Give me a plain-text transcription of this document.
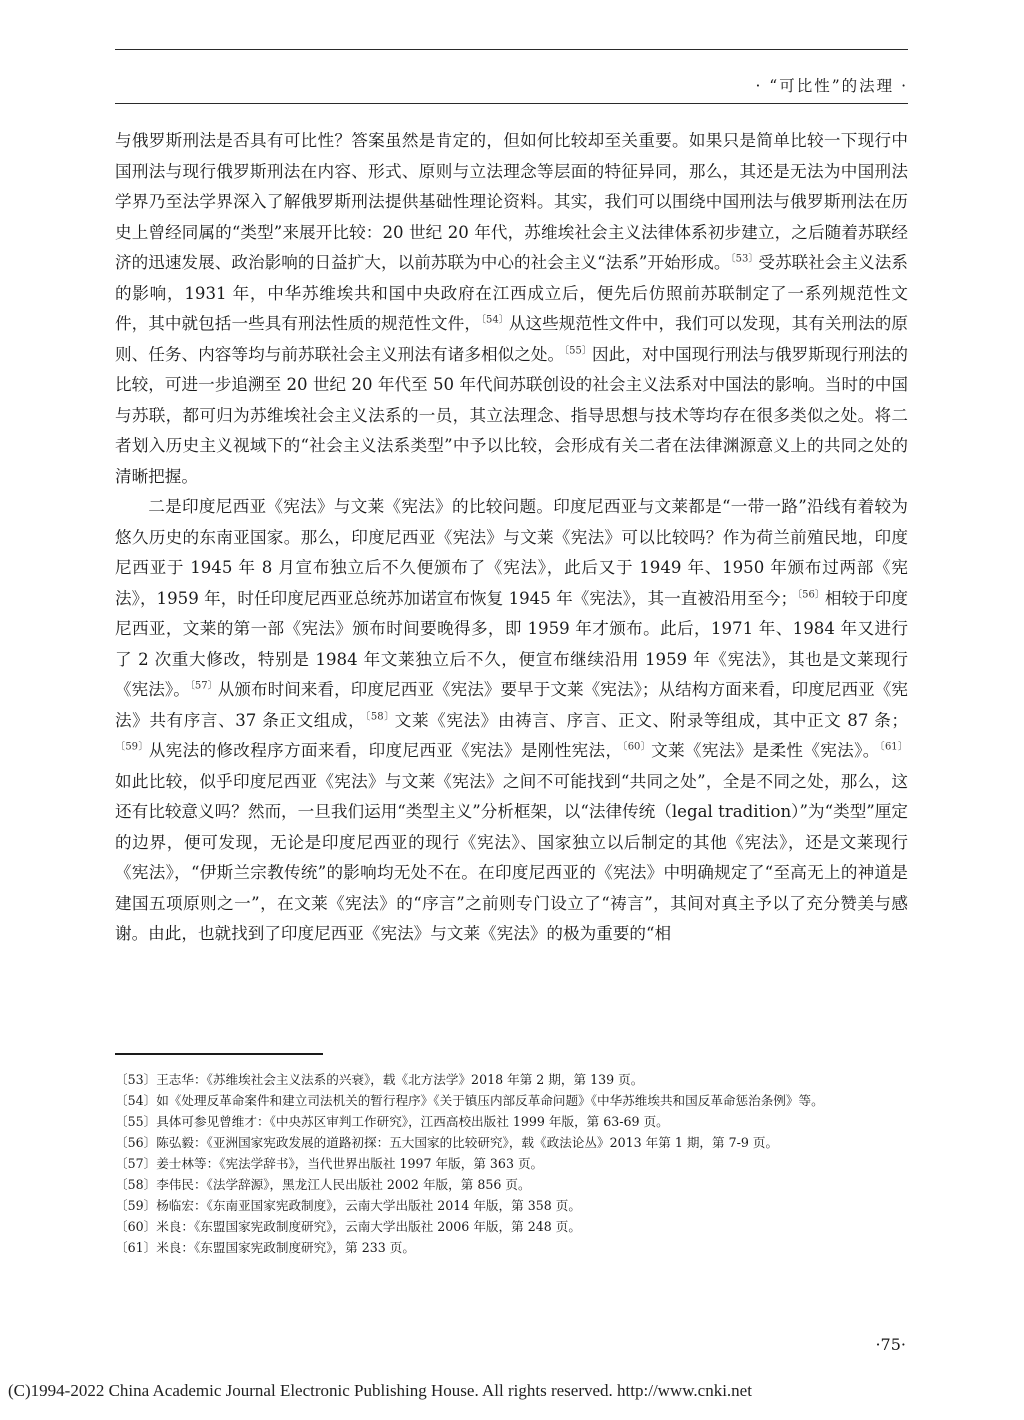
· “可比性”的法理 ·

与俄罗斯刑法是否具有可比性？答案虽然是肯定的，但如何比较却至关重要。如果只是简单比较一下现行中国刑法与现行俄罗斯刑法在内容、形式、原则与立法理念等层面的特征异同，那么，其还是无法为中国刑法学界乃至法学界深入了解俄罗斯刑法提供基础性理论资料。其实，我们可以围绕中国刑法与俄罗斯刑法在历史上曾经同属的“类型”来展开比较：20 世纪 20 年代，苏维埃社会主义法律体系初步建立，之后随着苏联经济的迅速发展、政治影响的日益扩大，以前苏联为中心的社会主义“法系”开始形成。$^{〔53〕}$受苏联社会主义法系的影响，1931 年，中华苏维埃共和国中央政府在江西成立后，便先后仿照前苏联制定了一系列规范性文件，其中就包括一些具有刑法性质的规范性文件，$^{〔54〕}$从这些规范性文件中，我们可以发现，其有关刑法的原则、任务、内容等均与前苏联社会主义刑法有诸多相似之处。$^{〔55〕}$因此，对中国现行刑法与俄罗斯现行刑法的比较，可进一步追溯至 20 世纪 20 年代至 50 年代间苏联创设的社会主义法系对中国法的影响。当时的中国与苏联，都可归为苏维埃社会主义法系的一员，其立法理念、指导思想与技术等均存在很多类似之处。将二者划入历史主义视域下的“社会主义法系类型”中予以比较，会形成有关二者在法律渊源意义上的共同之处的清晰把握。

二是印度尼西亚《宪法》与文莱《宪法》的比较问题。印度尼西亚与文莱都是“一带一路”沿线有着较为悠久历史的东南亚国家。那么，印度尼西亚《宪法》与文莱《宪法》可以比较吗？作为荷兰前殖民地，印度尼西亚于 1945 年 8 月宣布独立后不久便颁布了《宪法》，此后又于 1949 年、1950 年颁布过两部《宪法》，1959 年，时任印度尼西亚总统苏加诺宣布恢复 1945 年《宪法》，其一直被沿用至今；$^{〔56〕}$相较于印度尼西亚，文莱的第一部《宪法》颁布时间要晚得多，即 1959 年才颁布。此后，1971 年、1984 年又进行了 2 次重大修改，特别是 1984 年文莱独立后不久，便宣布继续沿用 1959 年《宪法》，其也是文莱现行《宪法》。$^{〔57〕}$从颁布时间来看，印度尼西亚《宪法》要早于文莱《宪法》；从结构方面来看，印度尼西亚《宪法》共有序言、37 条正文组成，$^{〔58〕}$文莱《宪法》由祷言、序言、正文、附录等组成，其中正文 87 条；$^{〔59〕}$从宪法的修改程序方面来看，印度尼西亚《宪法》是刚性宪法，$^{〔60〕}$文莱《宪法》是柔性《宪法》。$^{〔61〕}$如此比较，似乎印度尼西亚《宪法》与文莱《宪法》之间不可能找到“共同之处”，全是不同之处，那么，这还有比较意义吗？然而，一旦我们运用“类型主义”分析框架，以“法律传统（legal tradition）”为“类型”厘定的边界，便可发现，无论是印度尼西亚的现行《宪法》、国家独立以后制定的其他《宪法》，还是文莱现行《宪法》，“伊斯兰宗教传统”的影响均无处不在。在印度尼西亚的《宪法》中明确规定了“至高无上的神道是建国五项原则之一”，在文莱《宪法》的“序言”之前则专门设立了“祷言”，其间对真主予以了充分赞美与感谢。由此，也就找到了印度尼西亚《宪法》与文莱《宪法》的极为重要的“相

〔53〕王志华：《苏维埃社会主义法系的兴衰》，载《北方法学》2018 年第 2 期，第 139 页。

〔54〕如《处理反革命案件和建立司法机关的暂行程序》《关于镇压内部反革命问题》《中华苏维埃共和国反革命惩治条例》等。

〔55〕具体可参见曾维才：《中央苏区审判工作研究》，江西高校出版社 1999 年版，第 63-69 页。

〔56〕陈弘毅：《亚洲国家宪政发展的道路初探：五大国家的比较研究》，载《政法论丛》2013 年第 1 期，第 7-9 页。

〔57〕姜士林等：《宪法学辞书》，当代世界出版社 1997 年版，第 363 页。

〔58〕李伟民：《法学辞源》，黑龙江人民出版社 2002 年版，第 856 页。

〔59〕杨临宏：《东南亚国家宪政制度》，云南大学出版社 2014 年版，第 358 页。

〔60〕米良：《东盟国家宪政制度研究》，云南大学出版社 2006 年版，第 248 页。

〔61〕米良：《东盟国家宪政制度研究》，第 233 页。

·75·
(C)1994-2022 China Academic Journal Electronic Publishing House. All rights reserved. http://www.cnki.net
